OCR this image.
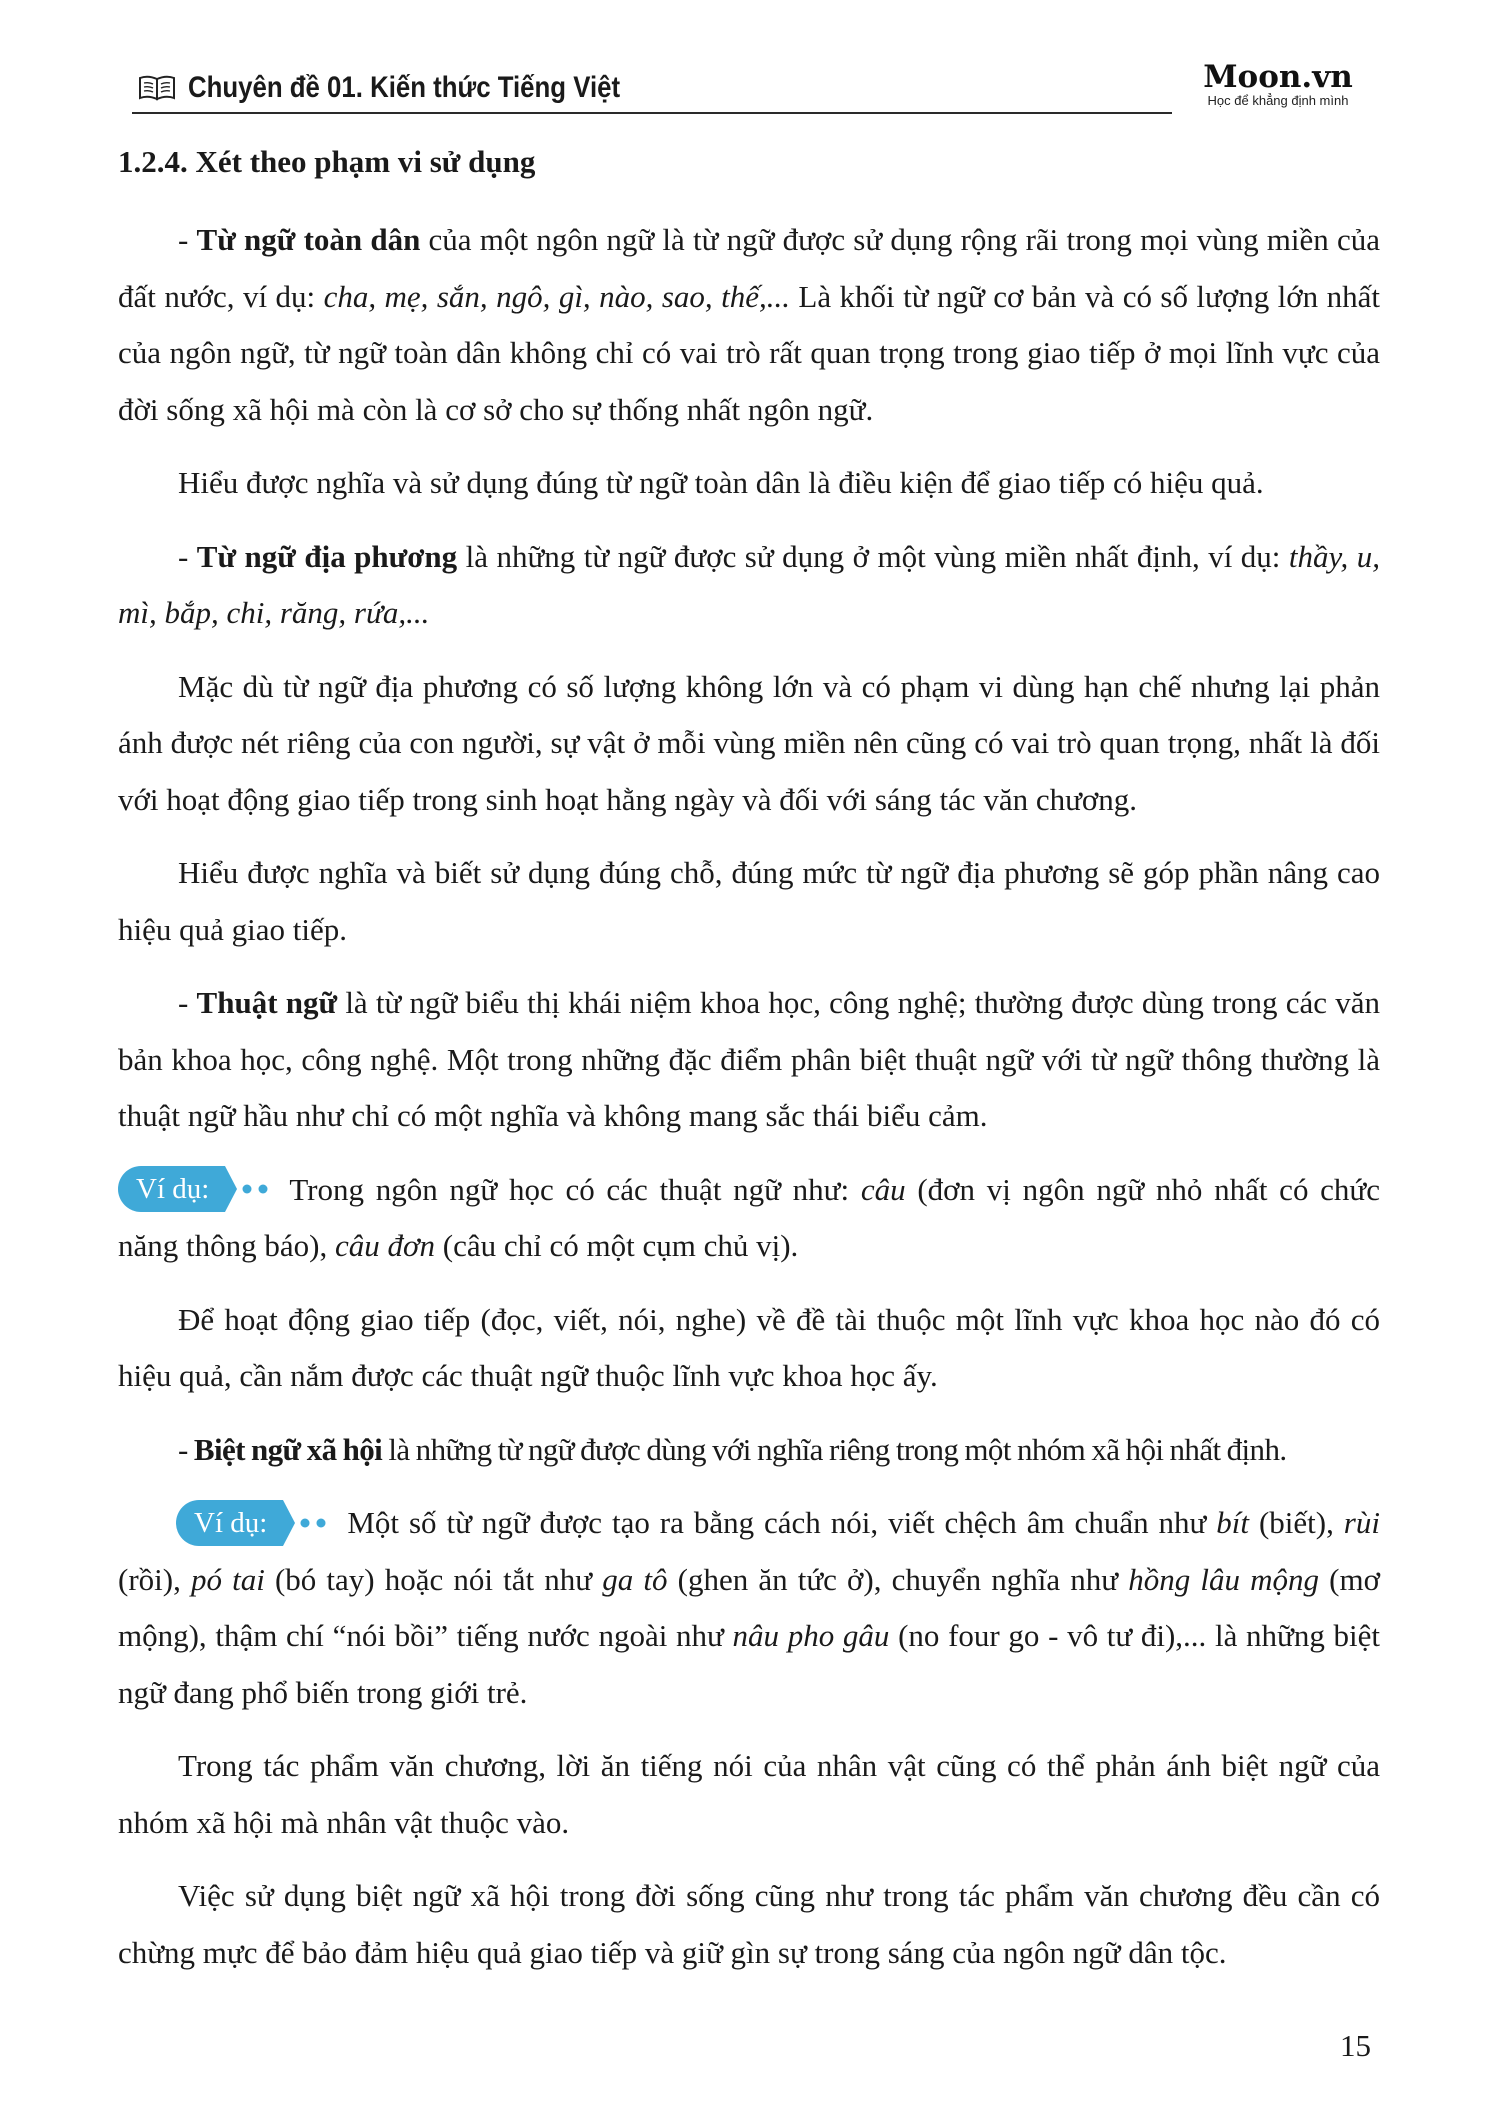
Chuyên đề 01. Kiến thức Tiếng Việt	Moon.vn
Học để khẳng định mình
1.2.4. Xét theo phạm vi sử dụng

- Từ ngữ toàn dân của một ngôn ngữ là từ ngữ được sử dụng rộng rãi trong mọi vùng miền của đất nước, ví dụ: cha, mẹ, sắn, ngô, gì, nào, sao, thế,... Là khối từ ngữ cơ bản và có số lượng lớn nhất của ngôn ngữ, từ ngữ toàn dân không chỉ có vai trò rất quan trọng trong giao tiếp ở mọi lĩnh vực của đời sống xã hội mà còn là cơ sở cho sự thống nhất ngôn ngữ.

Hiểu được nghĩa và sử dụng đúng từ ngữ toàn dân là điều kiện để giao tiếp có hiệu quả.

- Từ ngữ địa phương là những từ ngữ được sử dụng ở một vùng miền nhất định, ví dụ: thầy, u, mì, bắp, chi, răng, rứa,...

Mặc dù từ ngữ địa phương có số lượng không lớn và có phạm vi dùng hạn chế nhưng lại phản ánh được nét riêng của con người, sự vật ở mỗi vùng miền nên cũng có vai trò quan trọng, nhất là đối với hoạt động giao tiếp trong sinh hoạt hằng ngày và đối với sáng tác văn chương.

Hiểu được nghĩa và biết sử dụng đúng chỗ, đúng mức từ ngữ địa phương sẽ góp phần nâng cao hiệu quả giao tiếp.

- Thuật ngữ là từ ngữ biểu thị khái niệm khoa học, công nghệ; thường được dùng trong các văn bản khoa học, công nghệ. Một trong những đặc điểm phân biệt thuật ngữ với từ ngữ thông thường là thuật ngữ hầu như chỉ có một nghĩa và không mang sắc thái biểu cảm.

Ví dụ:	Trong ngôn ngữ học có các thuật ngữ như: câu (đơn vị ngôn ngữ nhỏ nhất có chức năng thông báo), câu đơn (câu chỉ có một cụm chủ vị).

Để hoạt động giao tiếp (đọc, viết, nói, nghe) về đề tài thuộc một lĩnh vực khoa học nào đó có hiệu quả, cần nắm được các thuật ngữ thuộc lĩnh vực khoa học ấy.

- Biệt ngữ xã hội là những từ ngữ được dùng với nghĩa riêng trong một nhóm xã hội nhất định.

Ví dụ:	Một số từ ngữ được tạo ra bằng cách nói, viết chệch âm chuẩn như bít (biết), rùi (rồi), pó tai (bó tay) hoặc nói tắt như ga tô (ghen ăn tức ở), chuyển nghĩa như hồng lâu mộng (mơ mộng), thậm chí “nói bồi” tiếng nước ngoài như nâu pho gâu (no four go - vô tư đi),... là những biệt ngữ đang phổ biến trong giới trẻ.

Trong tác phẩm văn chương, lời ăn tiếng nói của nhân vật cũng có thể phản ánh biệt ngữ của nhóm xã hội mà nhân vật thuộc vào.

Việc sử dụng biệt ngữ xã hội trong đời sống cũng như trong tác phẩm văn chương đều cần có chừng mực để bảo đảm hiệu quả giao tiếp và giữ gìn sự trong sáng của ngôn ngữ dân tộc.

15
